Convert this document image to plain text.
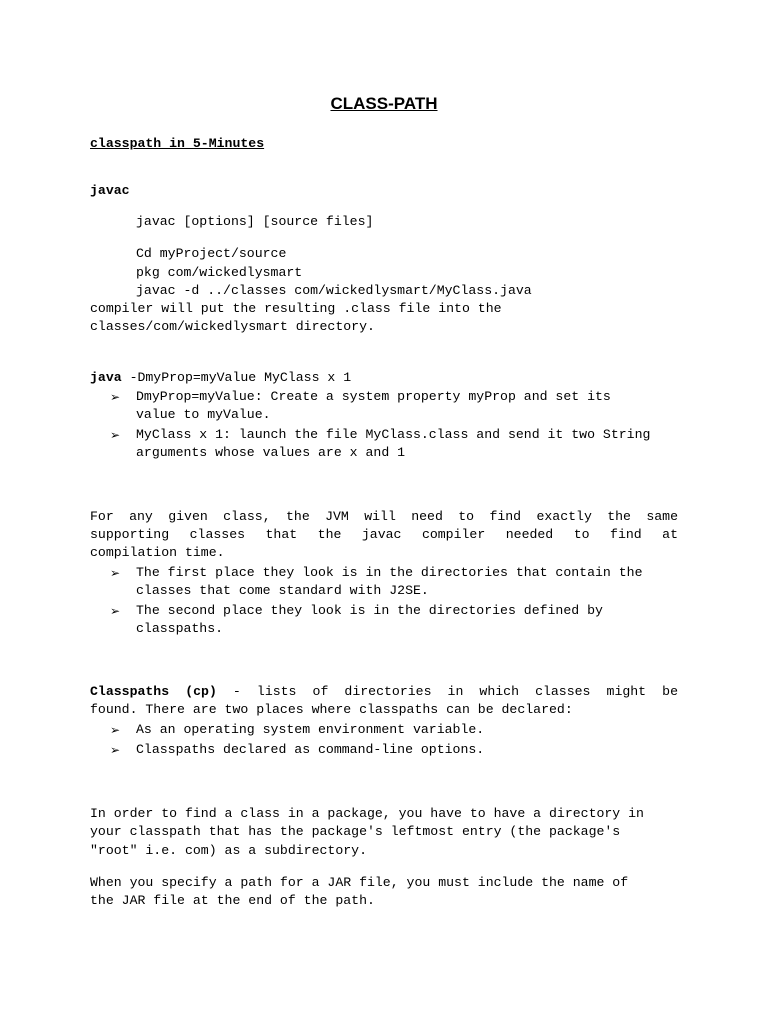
CLASS-PATH
classpath in 5-Minutes
javac
javac [options] [source files]
Cd myProject/source
pkg com/wickedlysmart
javac -d ../classes com/wickedlysmart/MyClass.java
compiler will put the resulting .class file into the
classes/com/wickedlysmart directory.
java -DmyProp=myValue MyClass x 1
➢ DmyProp=myValue: Create a system property myProp and set its
value to myValue.
➢ MyClass x 1: launch the file MyClass.class and send it two String
arguments whose values are x and 1
For any given class, the JVM will need to find exactly the same
supporting classes that the javac compiler needed to find at
compilation time.
➢ The first place they look is in the directories that contain the
classes that come standard with J2SE.
➢ The second place they look is in the directories defined by
classpaths.
Classpaths (cp) - lists of directories in which classes might be
found. There are two places where classpaths can be declared:
➢ As an operating system environment variable.
➢ Classpaths declared as command-line options.
In order to find a class in a package, you have to have a directory in
your classpath that has the package's leftmost entry (the package's
"root" i.e. com) as a subdirectory.
When you specify a path for a JAR file, you must include the name of
the JAR file at the end of the path.
